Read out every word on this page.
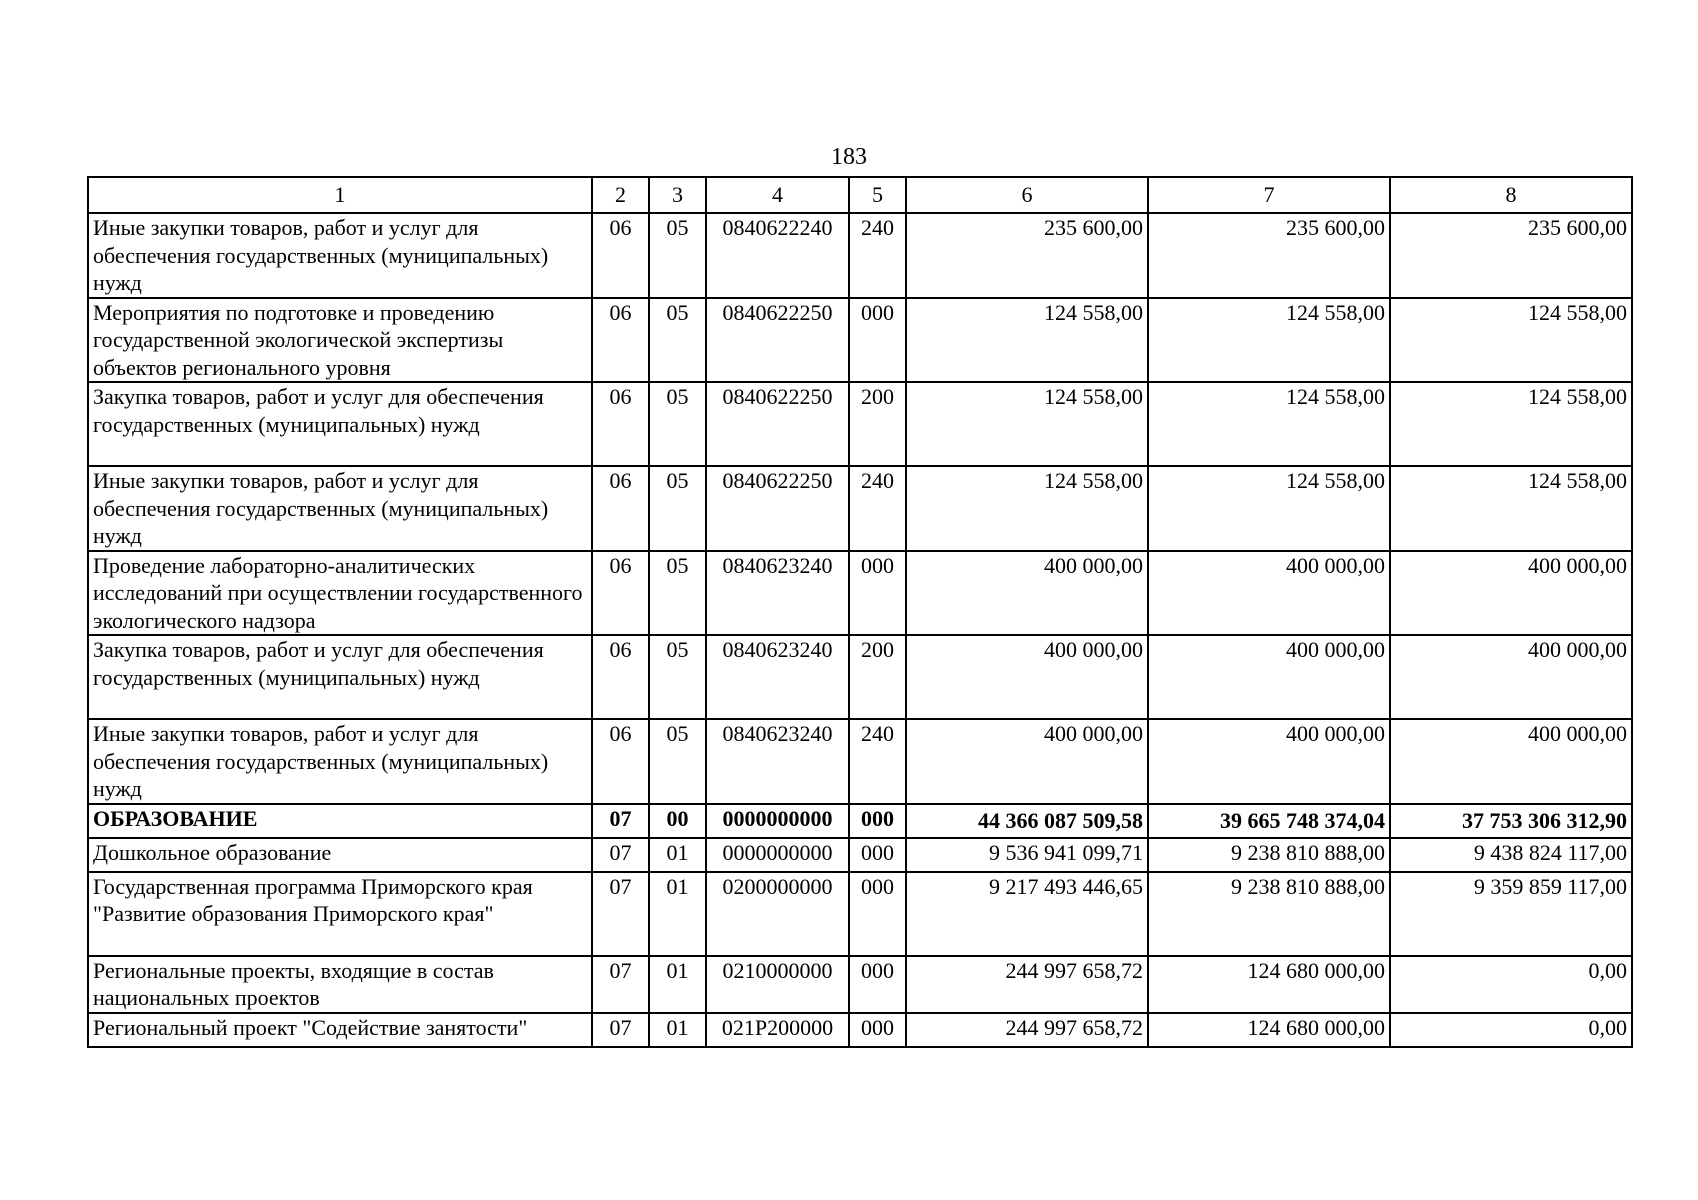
183
1	2	3	4	5	6	7	8
Иные закупки товаров, работ и услуг для обеспечения государственных (муниципальных) нужд	06	05	0840622240	240	235 600,00	235 600,00	235 600,00
Мероприятия по подготовке и проведению государственной экологической экспертизы объектов регионального уровня	06	05	0840622250	000	124 558,00	124 558,00	124 558,00
Закупка товаров, работ и услуг для обеспечения государственных (муниципальных) нужд	06	05	0840622250	200	124 558,00	124 558,00	124 558,00
Иные закупки товаров, работ и услуг для обеспечения государственных (муниципальных) нужд	06	05	0840622250	240	124 558,00	124 558,00	124 558,00
Проведение лабораторно-аналитических исследований при осуществлении государственного экологического надзора	06	05	0840623240	000	400 000,00	400 000,00	400 000,00
Закупка товаров, работ и услуг для обеспечения государственных (муниципальных) нужд	06	05	0840623240	200	400 000,00	400 000,00	400 000,00
Иные закупки товаров, работ и услуг для обеспечения государственных (муниципальных) нужд	06	05	0840623240	240	400 000,00	400 000,00	400 000,00
ОБРАЗОВАНИЕ	07	00	0000000000	000	44 366 087 509,58	39 665 748 374,04	37 753 306 312,90
Дошкольное образование	07	01	0000000000	000	9 536 941 099,71	9 238 810 888,00	9 438 824 117,00
Государственная программа Приморского края "Развитие образования Приморского края"	07	01	0200000000	000	9 217 493 446,65	9 238 810 888,00	9 359 859 117,00
Региональные проекты, входящие в состав национальных проектов	07	01	0210000000	000	244 997 658,72	124 680 000,00	0,00
Региональный проект "Содействие занятости"	07	01	021P200000	000	244 997 658,72	124 680 000,00	0,00
